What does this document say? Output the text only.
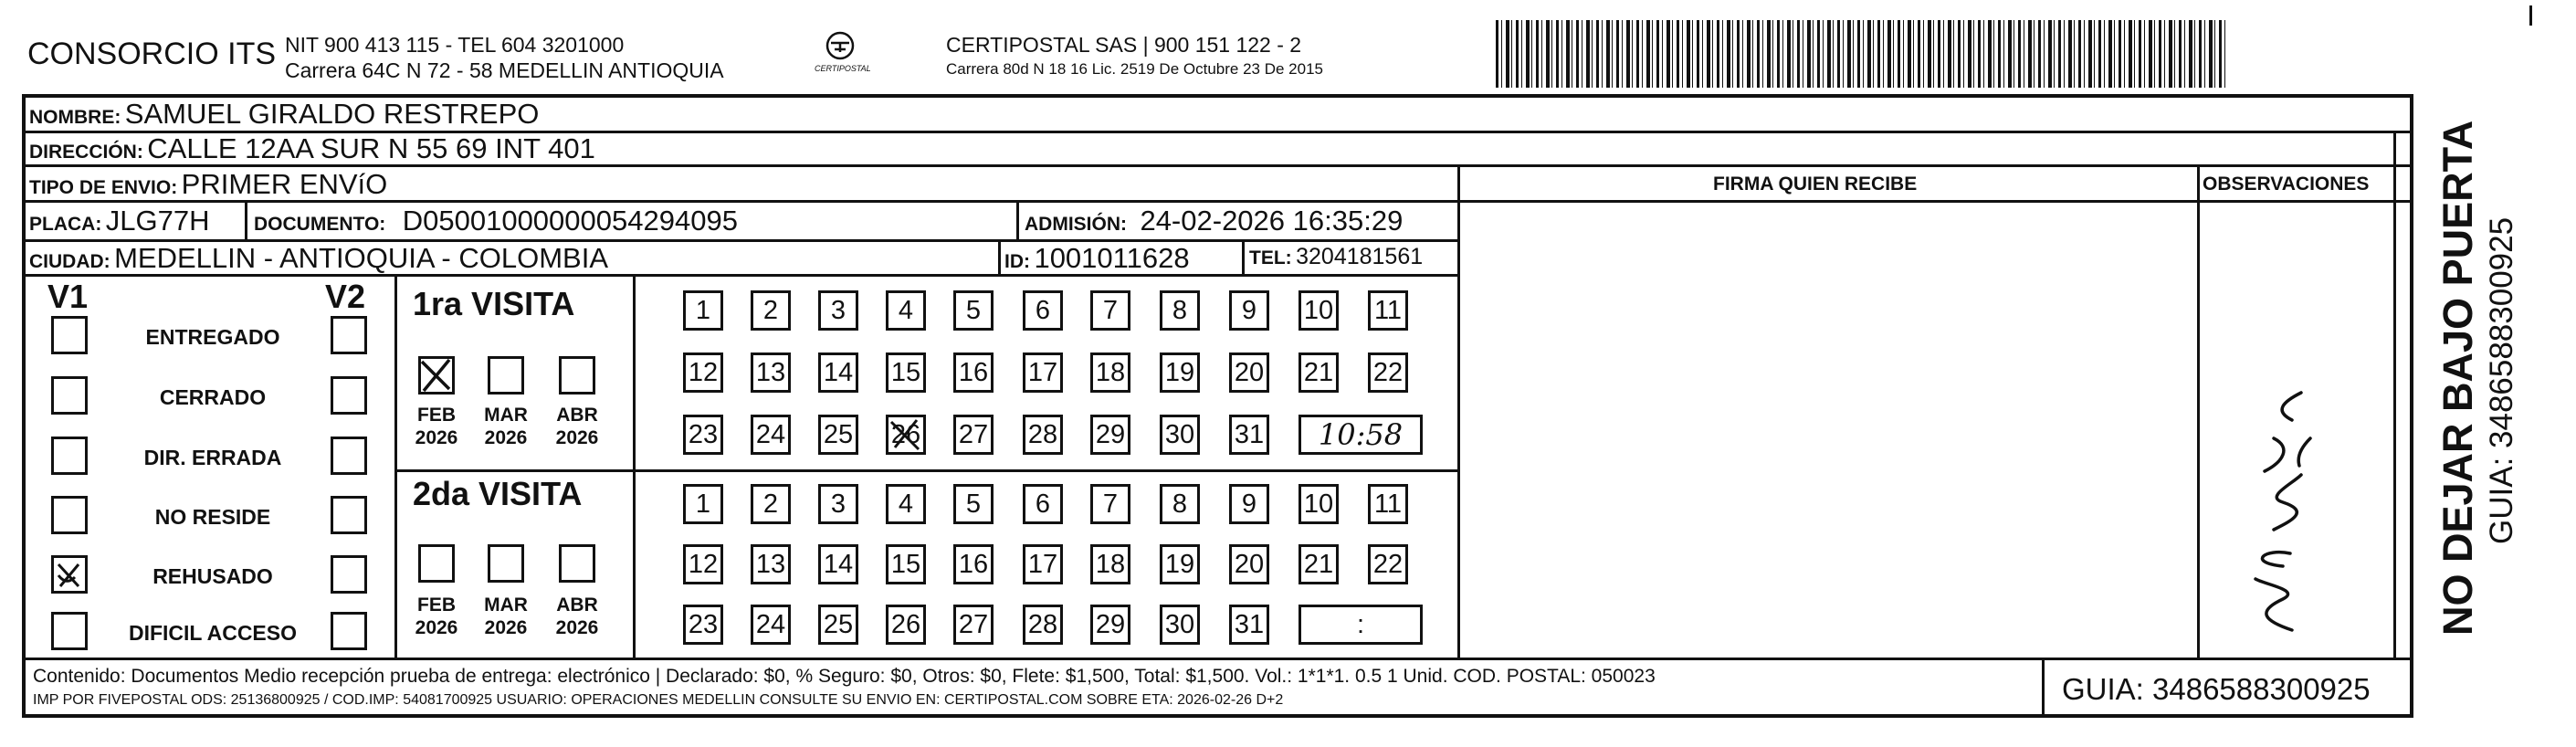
CONSORCIO ITS NIT 900 413 115 - TEL 604 3201000
Carrera 64C N 72 - 58 MEDELLIN ANTIOQUIA	CERTIPOSTAL
CERTIPOSTAL SAS | 900 151 122 - 2
Carrera 80d N 18 16 Lic. 2519 De Octubre 23 De 2015
NOMBRE: SAMUEL GIRALDO RESTREPO
DIRECCIÓN: CALLE 12AA SUR N 55 69 INT 401
TIPO DE ENVIO: PRIMER ENVíO	FIRMA QUIEN RECIBE	OBSERVACIONES
PLACA: JLG77H DOCUMENTO: D05001000000054294095	ADMISIÓN: 24-02-2026 16:35:29
CIUDAD: MEDELLIN - ANTIOQUIA - COLOMBIA	ID: 1001011628	TEL: 3204181561
V1	V2
ENTREGADO
CERRADO
DIR. ERRADA
NO RESIDE
REHUSADO
DIFICIL ACCESO
1ra VISITA
FEB
2026
MAR
2026
ABR
2026
1	2	3	4	5	6	7	8	9	10 11
12 13 14 15 16 17 18 19 20 21 22
23 24 25 26 27 28 29 30 31	10:58
2da VISITA
FEB
2026
MAR
2026
ABR
2026
1	2	3	4	5	6	7	8	9	10 11
12 13 14 15 16 17 18 19 20 21 22
23 24 25 26 27 28 29 30 31	:
Contenido: Documentos Medio recepción prueba de entrega: electrónico | Declarado: $0, % Seguro: $0, Otros: $0, Flete: $1,500, Total: $1,500. Vol.: 1*1*1. 0.5 1 Unid. COD. POSTAL: 050023
IMP POR FIVEPOSTAL ODS: 25136800925 / COD.IMP: 54081700925 USUARIO: OPERACIONES MEDELLIN CONSULTE SU ENVIO EN: CERTIPOSTAL.COM SOBRE ETA: 2026-02-26 D+2	GUIA: 3486588300925
NO DEJAR BAJO PUERTA GUIA: 3486588300925
